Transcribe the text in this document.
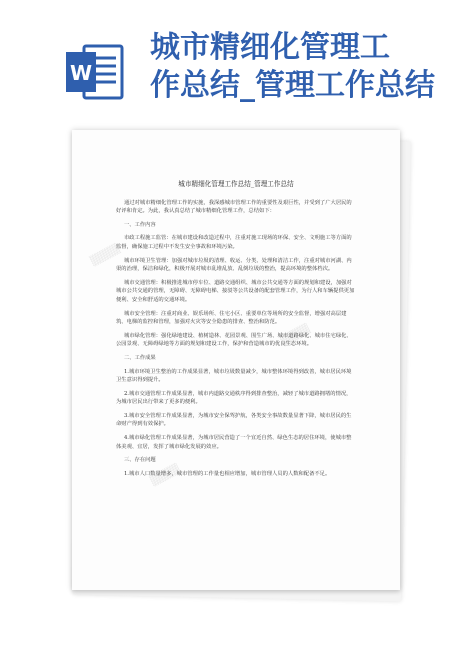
W
城市精细化管理工
作总结_管理工作总结
▒▒▒▒
▒▒▒▒
▒▒▒▒
城市精细化管理工作总结_管理工作总结

通过对城市精细化管理工作的实施，我深感城市管理工作的重要性及艰巨性，并受到了广大居民的好评和肯定。为此，我认真总结了城市精细化管理工作，总结如下：

一、工作内容

市政工程施工监管：在城市建设和改造过程中，注重对施工现场的环保、安全、文明施工等方面的监督，确保施工过程中不发生安全事故和环境污染。

城市环境卫生管理：加强对城市垃圾的清理、收运、分类、处理和清洁工作，注重对城市河湖、内渠的治理，保洁和绿化，积极开展对城市乱堆乱放、乱倒垃圾的整治，提高环境的整体档次。

城市交通管理：积极推进城市停车位、道路交通组织、城市公共交通等方面的规划和建设，加强对城市公共交通的管理，无障碍、无障碍电梯、接驳等公共设备的配套管理工作，为行人和车辆提供更加便利、安全和舒适的交通环境。

城市安全管理：注重对商业、娱乐场所、住宅小区、重要单位等场所的安全监督，增强对高层建筑、电梯的监控和管理，加强对火灾等安全隐患的排查、整治和防范。

城市绿化管理：强化绿地建设、植树造林、花园景观、围生广场、城市道路绿化、城市住宅绿化、公园景观、无障碍绿地等方面的规划和建设工作，保护和营造城市的优良生态环境。

二、工作成果

1.城市环境卫生整治的工作成果显著，城市垃圾数量减少，城市整体环境得到改善，城市居民环境卫生意识得到提升。

2.城市交通管理工作成果显著，城市内道路交通秩序得到排查整治，减轻了城市道路拥堵的情况，为城市居民出行带来了更多的便利。

3.城市安全管理工作成果显著，为城市安全保驾护航，各类安全事故数量显著下降，城市居民的生命财产得到有效保护。

4.城市绿化管理工作成果显著，为城市居民营造了一个宜近自然、绿色生态的居住环境，使城市整体美观、宜居，发挥了城市绿化发展的效应。

三、存在问题

1.城市人口数量增多，城市管理的工作量也相应增加，城市管理人员的人数和配备不足。
